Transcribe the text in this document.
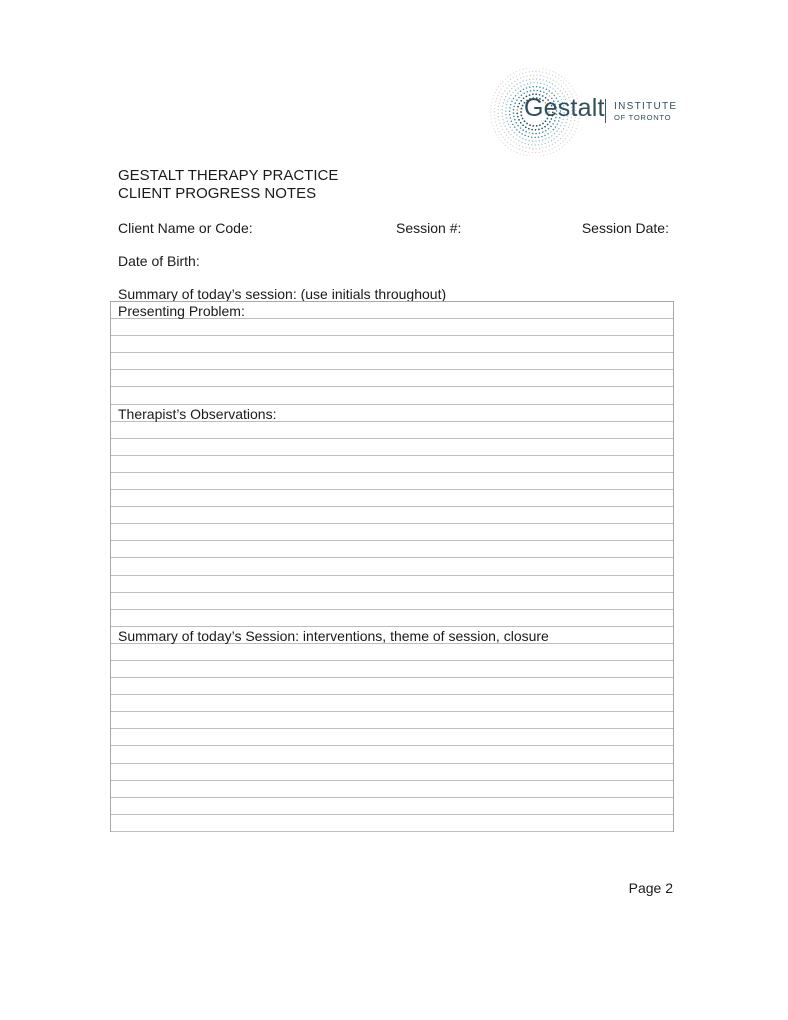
Gestalt INSTITUTE
OF TORONTO
GESTALT THERAPY PRACTICE
CLIENT PROGRESS NOTES
Client Name or Code:	Session #:	Session Date:
Date of Birth:
Summary of today’s session: (use initials throughout)
Presenting Problem:
Therapist’s Observations:
Summary of today’s Session: interventions, theme of session, closure
Page 2
